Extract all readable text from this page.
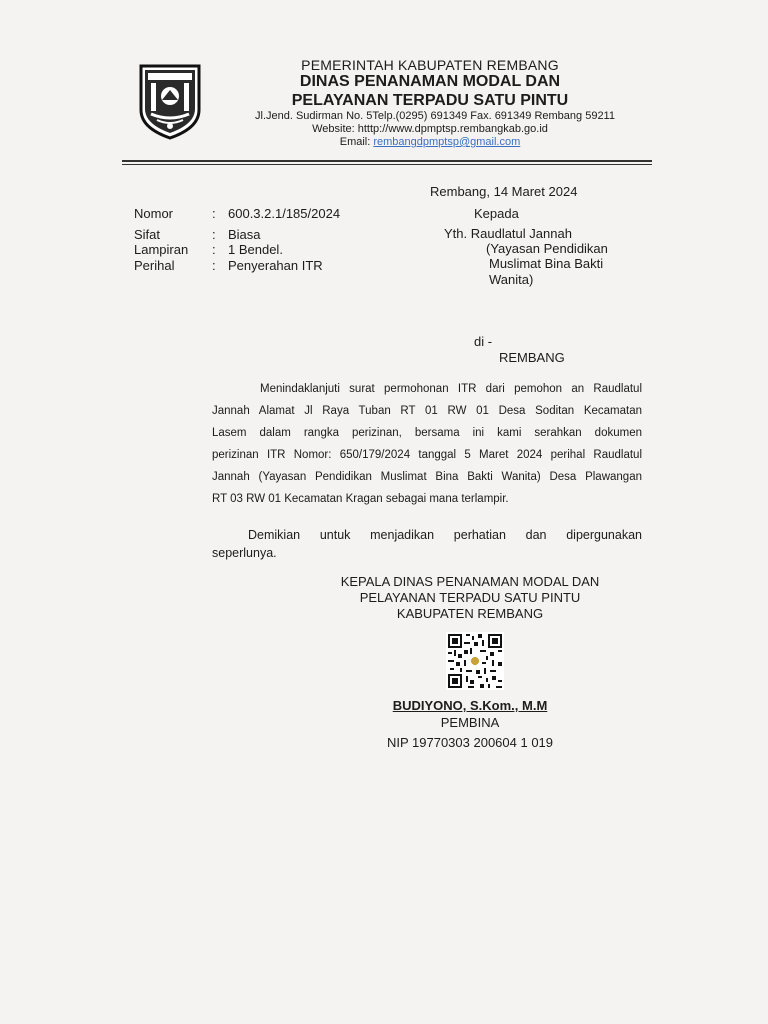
PEMERINTAH KABUPATEN REMBANG
DINAS PENANAMAN MODAL DAN
PELAYANAN TERPADU SATU PINTU
Jl.Jend. Sudirman No. 5Telp.(0295) 691349 Fax. 691349 Rembang 59211
Website: htttp://www.dpmptsp.rembangkab.go.id
Email: rembangdpmptsp@gmail.com
Rembang, 14 Maret 2024
Nomor	: 600.3.2.1/185/2024
Sifat	: Biasa
Lampiran : 1 Bendel.
Perihal	: Penyerahan ITR
Kepada
Yth. Raudlatul Jannah
(Yayasan Pendidikan
Muslimat Bina Bakti
Wanita)
di -
REMBANG
Menindaklanjuti surat permohonan ITR dari pemohon an Raudlatul
Jannah Alamat Jl Raya Tuban RT 01 RW 01 Desa Soditan Kecamatan
Lasem dalam rangka perizinan, bersama ini kami serahkan dokumen
perizinan ITR Nomor: 650/179/2024 tanggal 5 Maret 2024 perihal Raudlatul
Jannah (Yayasan Pendidikan Muslimat Bina Bakti Wanita) Desa Plawangan
RT 03 RW 01 Kecamatan Kragan sebagai mana terlampir.
Demikian untuk menjadikan perhatian dan dipergunakan
seperlunya.
KEPALA DINAS PENANAMAN MODAL DAN
PELAYANAN TERPADU SATU PINTU
KABUPATEN REMBANG
BUDIYONO, S.Kom., M.M
PEMBINA
NIP 19770303 200604 1 019
